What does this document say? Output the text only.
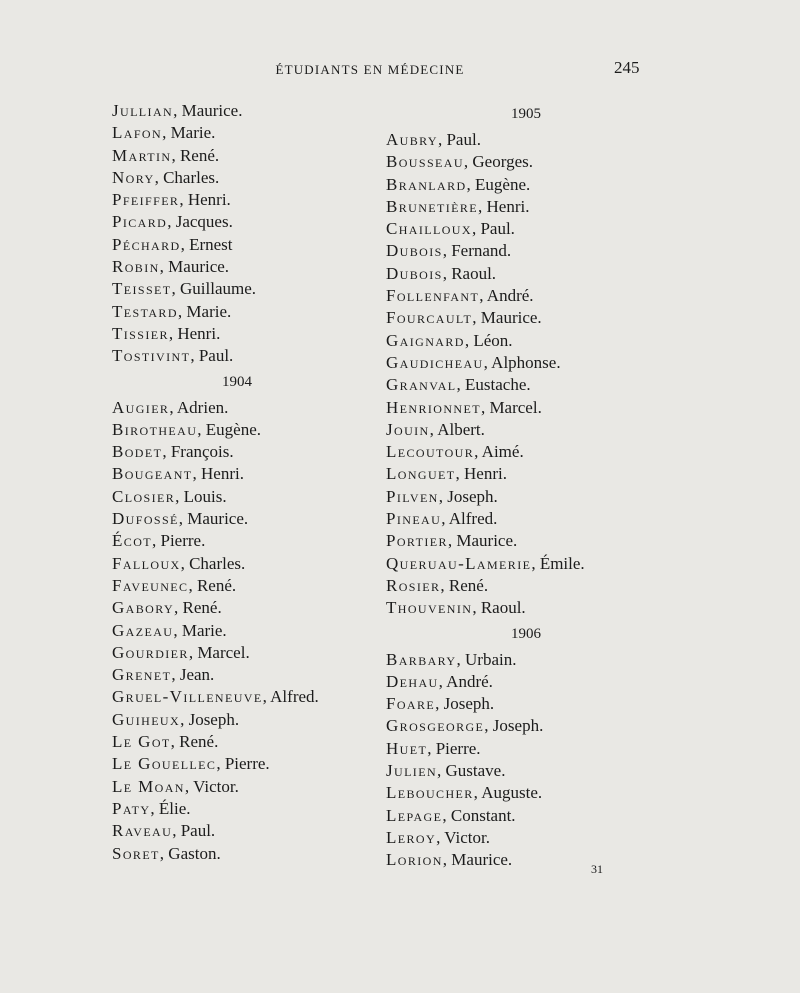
ÉTUDIANTS EN MÉDECINE	245
Jullian, Maurice.
Lafon, Marie.
Martin, René.
Nory, Charles.
Pfeiffer, Henri.
Picard, Jacques.
Péchard, Ernest
Robin, Maurice.
Teisset, Guillaume.
Testard, Marie.
Tissier, Henri.
Tostivint, Paul.
1904
Augier, Adrien.
Birotheau, Eugène.
Bodet, François.
Bougeant, Henri.
Closier, Louis.
Dufossé, Maurice.
Écot, Pierre.
Falloux, Charles.
Faveunec, René.
Gabory, René.
Gazeau, Marie.
Gourdier, Marcel.
Grenet, Jean.
Gruel-Villeneuve, Alfred.
Guiheux, Joseph.
Le Got, René.
Le Gouellec, Pierre.
Le Moan, Victor.
Paty, Élie.
Raveau, Paul.
Soret, Gaston.
1905
Aubry, Paul.
Bousseau, Georges.
Branlard, Eugène.
Brunetière, Henri.
Chailloux, Paul.
Dubois, Fernand.
Dubois, Raoul.
Follenfant, André.
Fourcault, Maurice.
Gaignard, Léon.
Gaudicheau, Alphonse.
Granval, Eustache.
Henrionnet, Marcel.
Jouin, Albert.
Lecoutour, Aimé.
Longuet, Henri.
Pilven, Joseph.
Pineau, Alfred.
Portier, Maurice.
Queruau-Lamerie, Émile.
Rosier, René.
Thouvenin, Raoul.
1906
Barbary, Urbain.
Dehau, André.
Foare, Joseph.
Grosgeorge, Joseph.
Huet, Pierre.
Julien, Gustave.
Leboucher, Auguste.
Lepage, Constant.
Leroy, Victor.
Lorion, Maurice.	31
